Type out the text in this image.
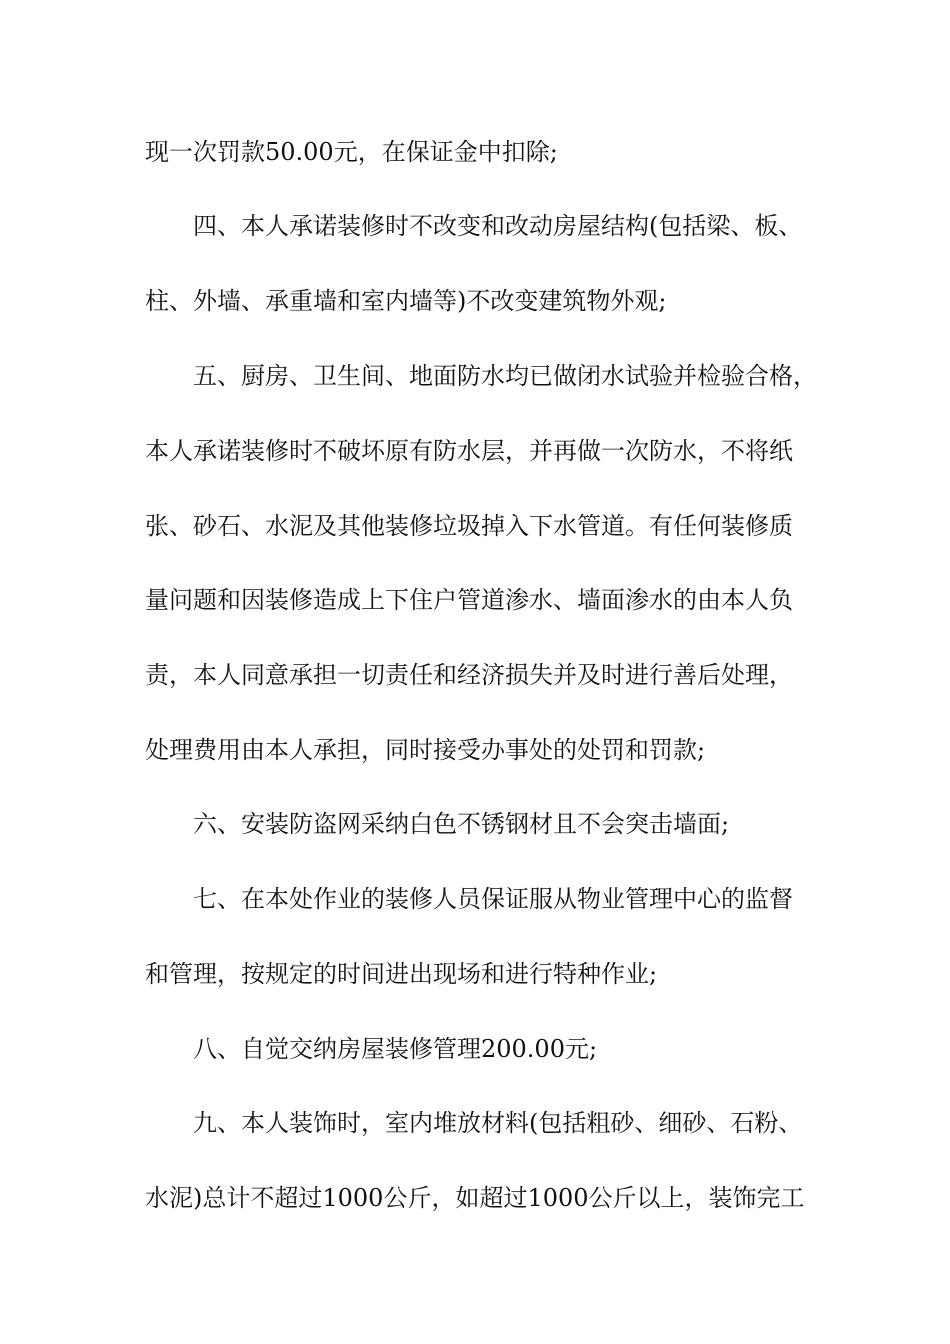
现一次罚款50.00元，在保证金中扣除;
四、本人承诺装修时不改变和改动房屋结构(包括梁、板、
柱、外墙、承重墙和室内墙等)不改变建筑物外观;
五、厨房、卫生间、地面防水均已做闭水试验并检验合格，
本人承诺装修时不破坏原有防水层，并再做一次防水，不将纸
张、砂石、水泥及其他装修垃圾掉入下水管道。有任何装修质
量问题和因装修造成上下住户管道渗水、墙面渗水的由本人负
责，本人同意承担一切责任和经济损失并及时进行善后处理，
处理费用由本人承担，同时接受办事处的处罚和罚款;
六、安装防盗网采纳白色不锈钢材且不会突击墙面;
七、在本处作业的装修人员保证服从物业管理中心的监督
和管理，按规定的时间进出现场和进行特种作业;
八、自觉交纳房屋装修管理200.00元;
九、本人装饰时，室内堆放材料(包括粗砂、细砂、石粉、
水泥)总计不超过1000公斤，如超过1000公斤以上，装饰完工
